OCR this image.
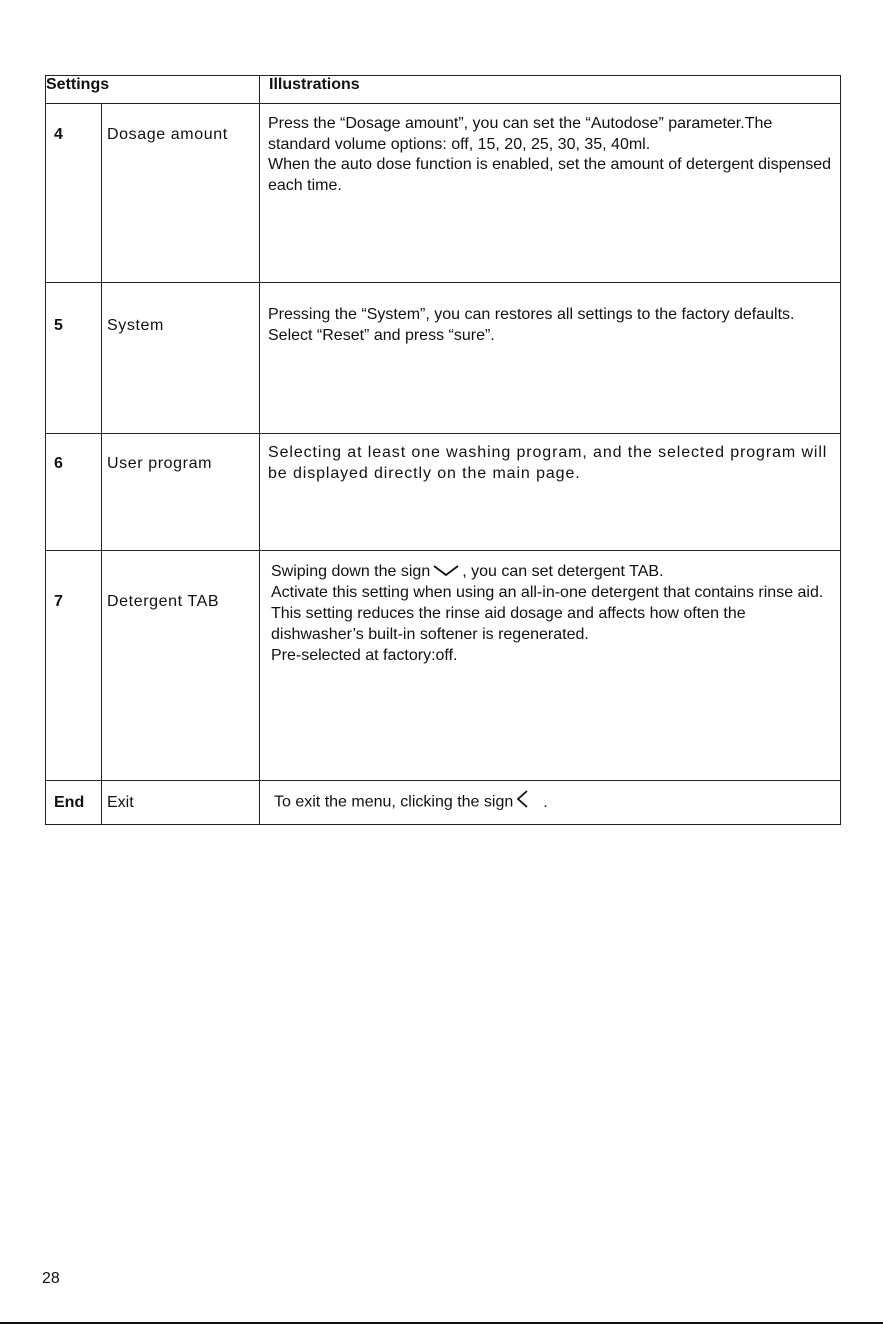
Settings		Illustrations
4	Dosage amount	Press the “Dosage amount”, you can set the “Autodose” parameter.The standard volume options: off, 15, 20, 25, 30, 35, 40ml.

When the auto dose function is enabled, set the amount of detergent dispensed each time.

5	System	Pressing the “System”, you can restores all settings to the factory defaults. Select “Reset” and press “sure”.

6	User program	Selecting at least one washing program, and the selected program will be displayed directly on the main page.

7	Detergent TAB	Swiping down the sign , you can set detergent TAB.

Activate this setting when using an all-in-one detergent that contains rinse aid.

This setting reduces the rinse aid dosage and affects how often the dishwasher’s built-in softener is regenerated.

Pre-selected at factory:off.

End	Exit	To exit the menu, clicking the sign .

28
